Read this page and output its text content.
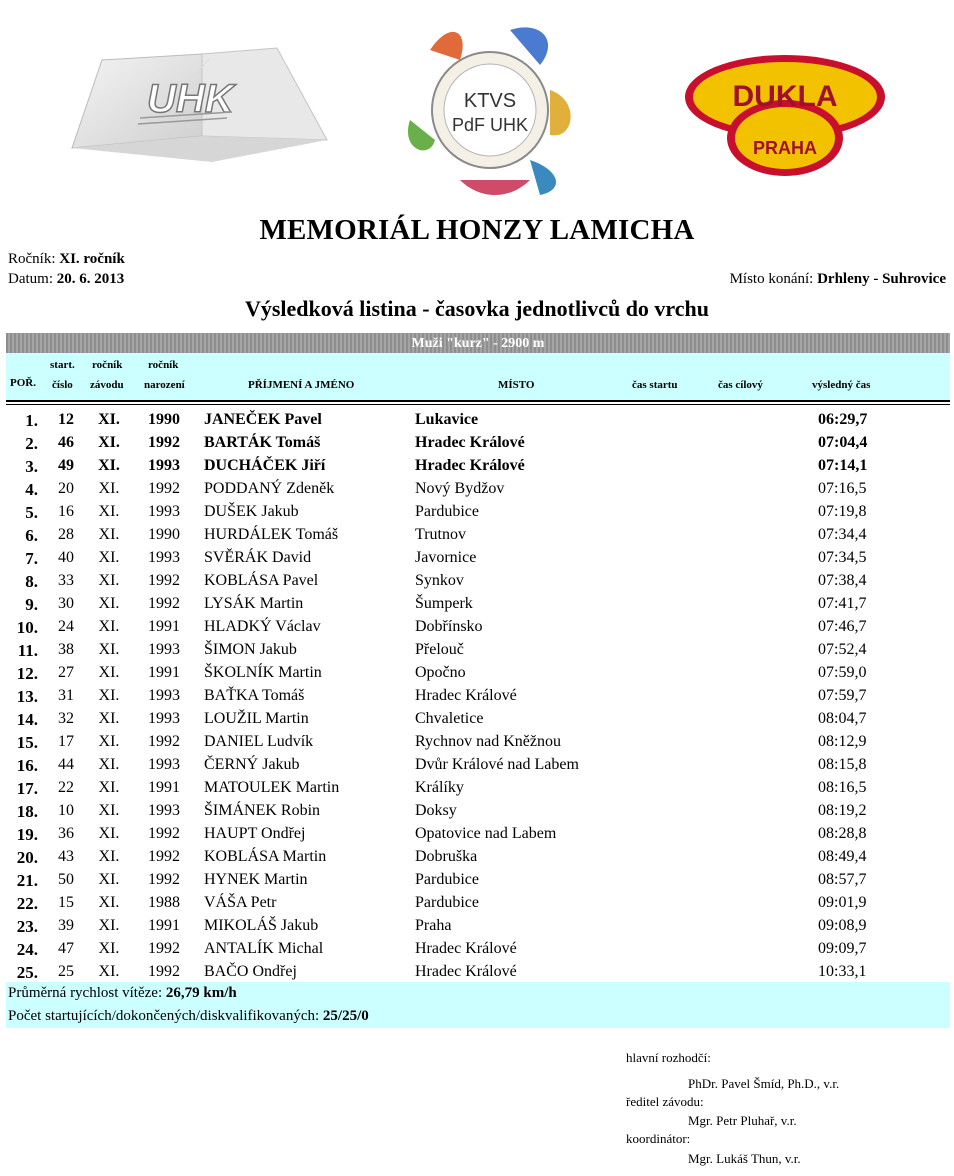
UHK	KTVS
PdF UHK
DUKLA
PRAHA
MEMORIÁL HONZY LAMICHA
Ročník: XI. ročník
Datum: 20. 6. 2013	Místo konání: Drhleny - Suhrovice
Výsledková listina - časovka jednotlivců do vrchu
Muži "kurz" - 2900 m
POŘ.
start.
číslo
ročník
závodu
ročník
narození	PŘÍJMENÍ A JMÉNO	MÍSTO	čas startu	čas cílový	výsledný čas
1.	12	XI.	1990	JANEČEK Pavel	Lukavice	06:29,7
2.	46	XI.	1992	BARTÁK Tomáš	Hradec Králové	07:04,4
3.	49	XI.	1993	DUCHÁČEK Jiří	Hradec Králové	07:14,1
4.	20	XI.	1992	PODDANÝ Zdeněk	Nový Bydžov	07:16,5
5.	16	XI.	1993	DUŠEK Jakub	Pardubice	07:19,8
6.	28	XI.	1990	HURDÁLEK Tomáš	Trutnov	07:34,4
7.	40	XI.	1993	SVĚRÁK David	Javornice	07:34,5
8.	33	XI.	1992	KOBLÁSA Pavel	Synkov	07:38,4
9.	30	XI.	1992	LYSÁK Martin	Šumperk	07:41,7
10.	24	XI.	1991	HLADKÝ Václav	Dobřínsko	07:46,7
11.	38	XI.	1993	ŠIMON Jakub	Přelouč	07:52,4
12.	27	XI.	1991	ŠKOLNÍK Martin	Opočno	07:59,0
13.	31	XI.	1993	BAŤKA Tomáš	Hradec Králové	07:59,7
14.	32	XI.	1993	LOUŽIL Martin	Chvaletice	08:04,7
15.	17	XI.	1992	DANIEL Ludvík	Rychnov nad Kněžnou	08:12,9
16.	44	XI.	1993	ČERNÝ Jakub	Dvůr Králové nad Labem	08:15,8
17.	22	XI.	1991	MATOULEK Martin	Králíky	08:16,5
18.	10	XI.	1993	ŠIMÁNEK Robin	Doksy	08:19,2
19.	36	XI.	1992	HAUPT Ondřej	Opatovice nad Labem	08:28,8
20.	43	XI.	1992	KOBLÁSA Martin	Dobruška	08:49,4
21.	50	XI.	1992	HYNEK Martin	Pardubice	08:57,7
22.	15	XI.	1988	VÁŠA Petr	Pardubice	09:01,9
23.	39	XI.	1991	MIKOLÁŠ Jakub	Praha	09:08,9
24.	47	XI.	1992	ANTALÍK Michal	Hradec Králové	09:09,7
25.	25	XI.	1992	BAČO Ondřej	Hradec Králové	10:33,1
Průměrná rychlost vítěze: 26,79 km/h
Počet startujících/dokončených/diskvalifikovaných: 25/25/0
hlavní rozhodčí:
PhDr. Pavel Šmíd, Ph.D., v.r.
ředitel závodu:
Mgr. Petr Pluhař, v.r.
koordinátor:
Mgr. Lukáš Thun, v.r.
